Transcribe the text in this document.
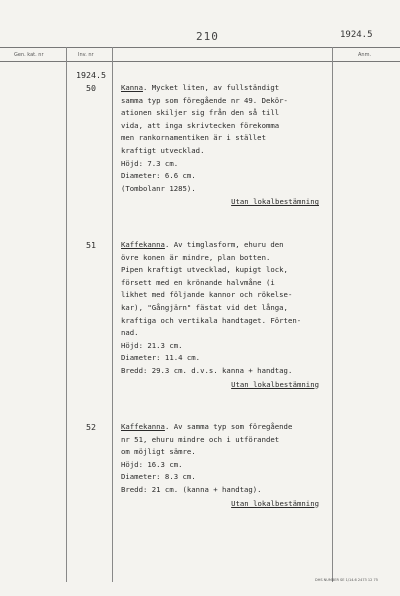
210	1924.5
Gen. kat. nr	Inv. nr	Anm.
1924.5
50	Kanna. Mycket liten, av fullständigt
samma typ som föregående nr 49. Dekör-
ationen skiljer sig från den så till
vida, att inga skrivtecken förekomma
men rankornamentiken är i stället
kraftigt utvecklad.
Höjd: 7.3 cm.
Diameter: 6.6 cm.
(Tombolanr 1285).
Utan lokalbestämning
51	Kaffekanna. Av timglasform, ehuru den
övre konen är mindre, plan botten.
Pipen kraftigt utvecklad, kupigt lock,
försett med en krönande halvmåne (i
likhet med följande kannor och rökelse-
kar), "Gångjärn" fästat vid det långa,
kraftiga och vertikala handtaget. Förten-
nad.
Höjd: 21.3 cm.
Diameter: 11.4 cm.
Bredd: 29.3 cm. d.v.s. kanna + handtag.
Utan lokalbestämning
52	Kaffekanna. Av samma typ som föregående
nr 51, ehuru mindre och i utförandet
om möjligt sämre.
Höjd: 16.3 cm.
Diameter: 8.3 cm.
Bredd: 21 cm. (kanna + handtag).
Utan lokalbestämning
DHS NUMBER SE 1/14.6 2473 12 75
